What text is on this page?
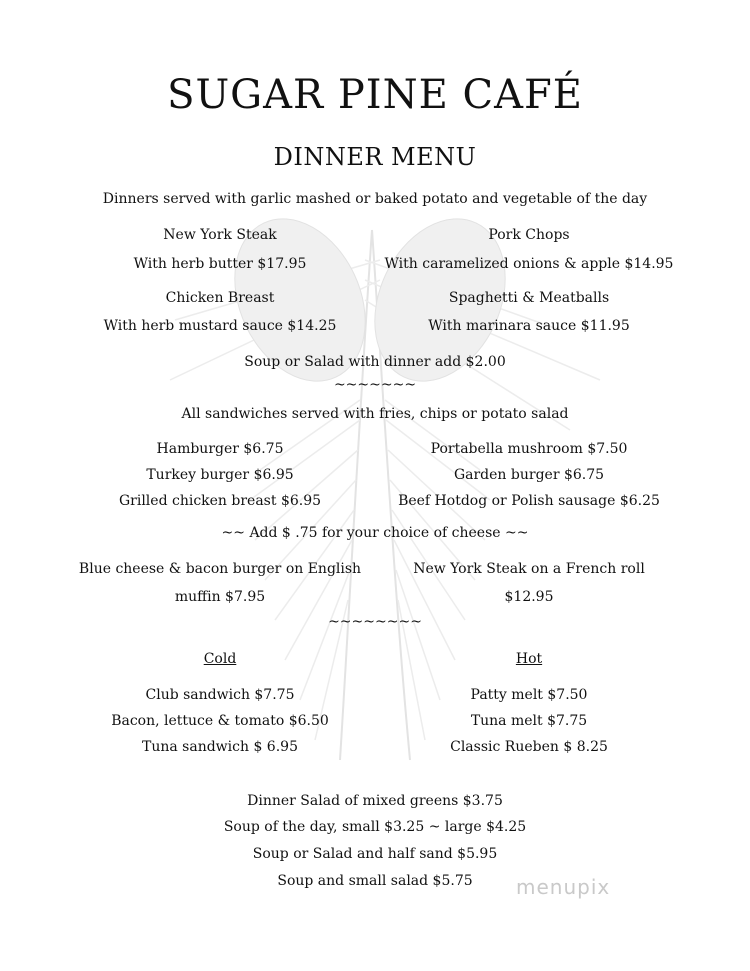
SUGAR PINE CAFÉ
DINNER MENU
Dinners served with garlic mashed or baked potato and vegetable of the day
New York Steak
With herb butter $17.95
Pork Chops
With caramelized onions & apple $14.95
Chicken Breast
With herb mustard sauce $14.25
Spaghetti & Meatballs
With marinara sauce $11.95
Soup or Salad with dinner add $2.00
~~~~~~~
All sandwiches served with fries, chips or potato salad
Hamburger $6.75
Turkey burger $6.95
Grilled chicken breast $6.95
Portabella mushroom $7.50
Garden burger $6.75
Beef Hotdog or Polish sausage $6.25
~~ Add $ .75 for your choice of cheese ~~
Blue cheese & bacon burger on English
muffin $7.95
New York Steak on a French roll
$12.95
~~~~~~~~
Cold	Hot
Club sandwich $7.75
Bacon, lettuce & tomato $6.50
Tuna sandwich $ 6.95
Patty melt $7.50
Tuna melt $7.75
Classic Rueben $ 8.25
Dinner Salad of mixed greens $3.75
Soup of the day, small $3.25 ~ large $4.25
Soup or Salad and half sand $5.95
Soup and small salad $5.75 menupix
